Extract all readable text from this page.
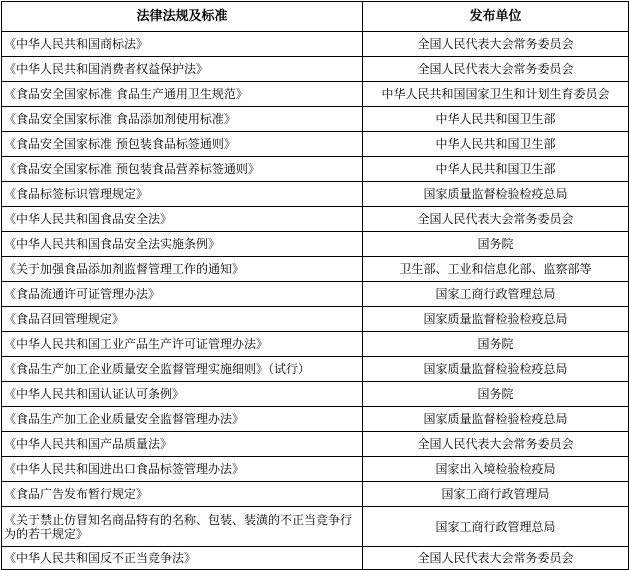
法律法规及标准	发布单位
《中华人民共和国商标法》	全国人民代表大会常务委员会
《中华人民共和国消费者权益保护法》	全国人民代表大会常务委员会
《食品安全国家标准 食品生产通用卫生规范》	中华人民共和国国家卫生和计划生育委员会
《食品安全国家标准 食品添加剂使用标准》	中华人民共和国卫生部
《食品安全国家标准 预包装食品标签通则》	中华人民共和国卫生部
《食品安全国家标准 预包装食品营养标签通则》	中华人民共和国卫生部
《食品标签标识管理规定》	国家质量监督检验检疫总局
《中华人民共和国食品安全法》	全国人民代表大会常务委员会
《中华人民共和国食品安全法实施条例》	国务院
《关于加强食品添加剂监督管理工作的通知》	卫生部、工业和信息化部、监察部等
《食品流通许可证管理办法》	国家工商行政管理总局
《食品召回管理规定》	国家质量监督检验检疫总局
《中华人民共和国工业产品生产许可证管理办法》	国务院
《食品生产加工企业质量安全监督管理实施细则》（试行）	国家质量监督检验检疫总局
《中华人民共和国认证认可条例》	国务院
《食品生产加工企业质量安全监督管理办法》	国家质量监督检验检疫总局
《中华人民共和国产品质量法》	全国人民代表大会常务委员会
《中华人民共和国进出口食品标签管理办法》	国家出入境检验检疫局
《食品广告发布暂行规定》	国家工商行政管理局
《关于禁止仿冒知名商品特有的名称、包装、装潢的不正当竞争行为的若干规定》	国家工商行政管理总局
《中华人民共和国反不正当竞争法》	全国人民代表大会常务委员会
